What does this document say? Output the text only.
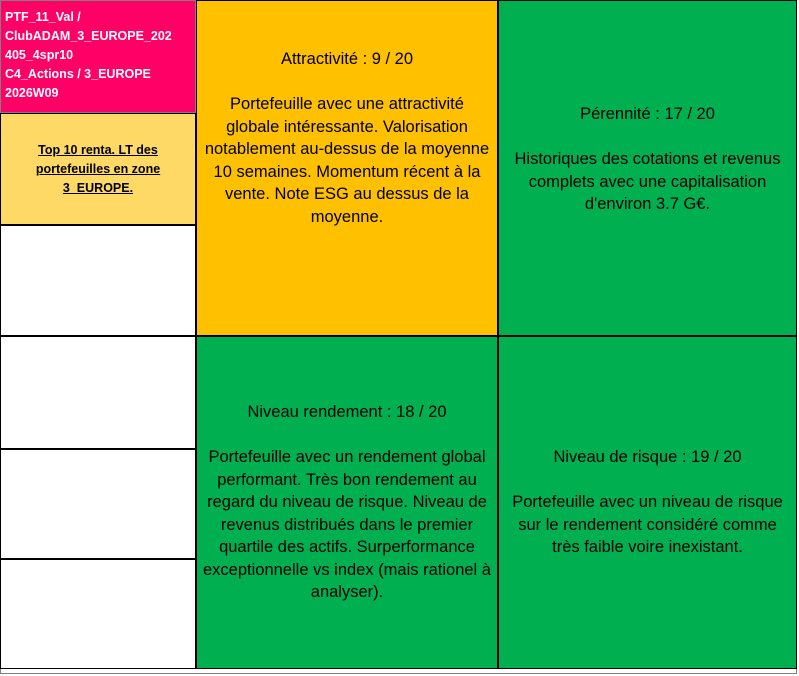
PTF_11_Val /
ClubADAM_3_EUROPE_202
405_4spr10
C4_Actions / 3_EUROPE
2026W09
Top 10 renta. LT des portefeuilles en zone 3_EUROPE.
Attractivité : 9 / 20
Portefeuille avec une attractivité globale intéressante. Valorisation notablement au-dessus de la moyenne 10 semaines. Momentum récent à la vente. Note ESG au dessus de la moyenne.
Pérennité : 17 / 20
Historiques des cotations et revenus complets avec une capitalisation d'environ 3.7 G€.
Niveau rendement : 18 / 20
Portefeuille avec un rendement global performant. Très bon rendement au regard du niveau de risque. Niveau de revenus distribués dans le premier quartile des actifs. Surperformance exceptionnelle vs index (mais rationel à analyser).
Niveau de risque : 19 / 20
Portefeuille avec un niveau de risque sur le rendement considéré comme très faible voire inexistant.
